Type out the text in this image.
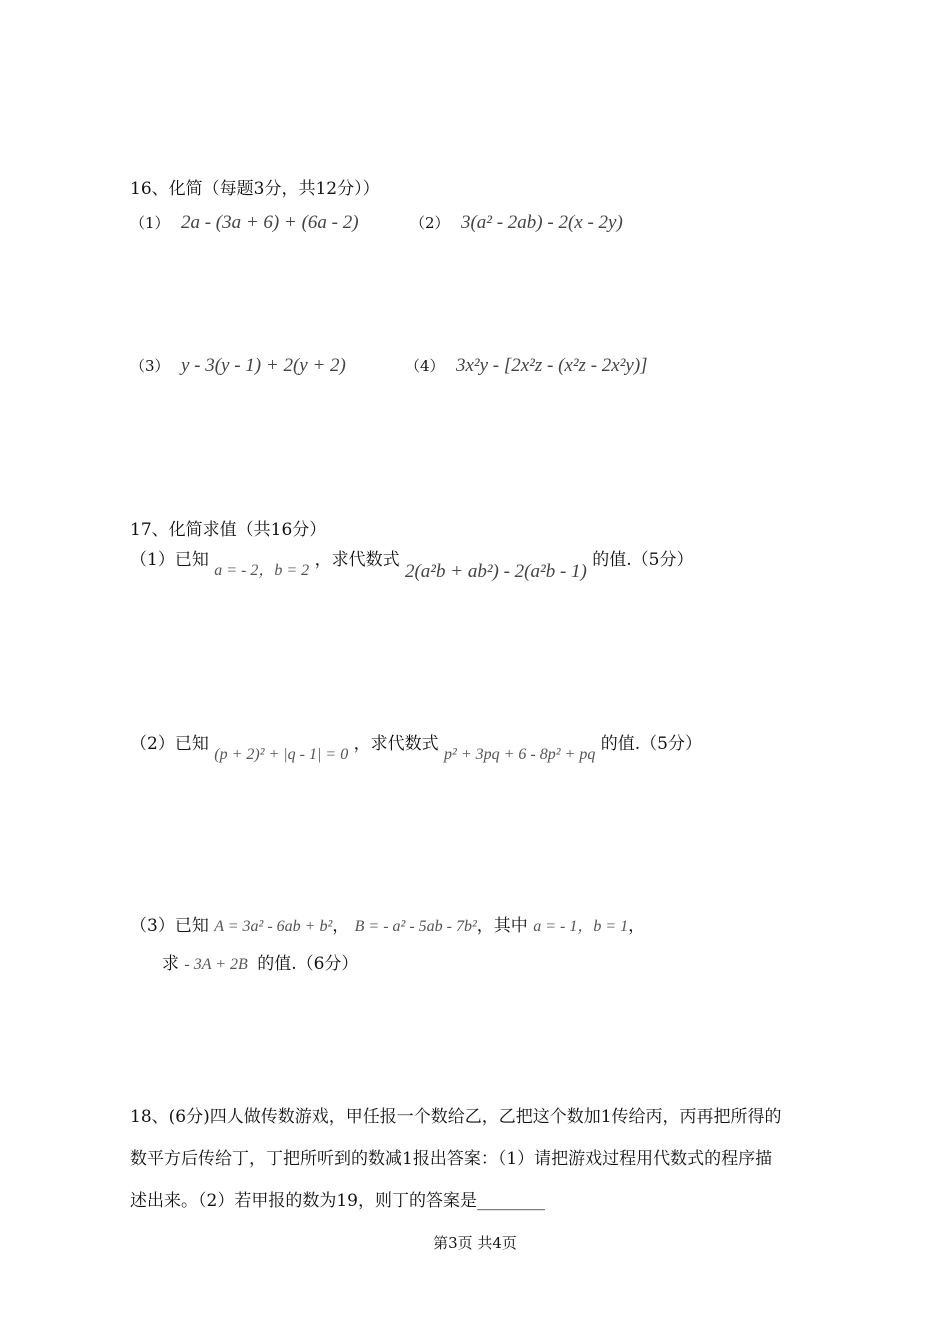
16、化简（每题3分，共12分））
（1） 2a - (3a + 6) + (6a - 2)	（2） 3(a² - 2ab) - 2(x - 2y)
（3） y - 3(y - 1) + 2(y + 2)	（4） 3x²y - [2x²z - (x²z - 2x²y)]
17、化简求值（共16分）
（1）已知 a = - 2，b = 2 ，求代数式 2(a²b + ab²) - 2(a²b - 1) 的值.（5分）
（2）已知 (p + 2)² + |q - 1| = 0 ，求代数式 p² + 3pq + 6 - 8p² + pq 的值.（5分）
（3）已知 A = 3a² - 6ab + b²， B = - a² - 5ab - 7b²，其中 a = - 1，b = 1，
求 - 3A + 2B 的值.（6分）
18、(6分)四人做传数游戏，甲任报一个数给乙，乙把这个数加1传给丙，丙再把所得的
数平方后传给丁，丁把所听到的数减1报出答案：（1）请把游戏过程用代数式的程序描
述出来。（2）若甲报的数为19，则丁的答案是________
第3页 共4页
